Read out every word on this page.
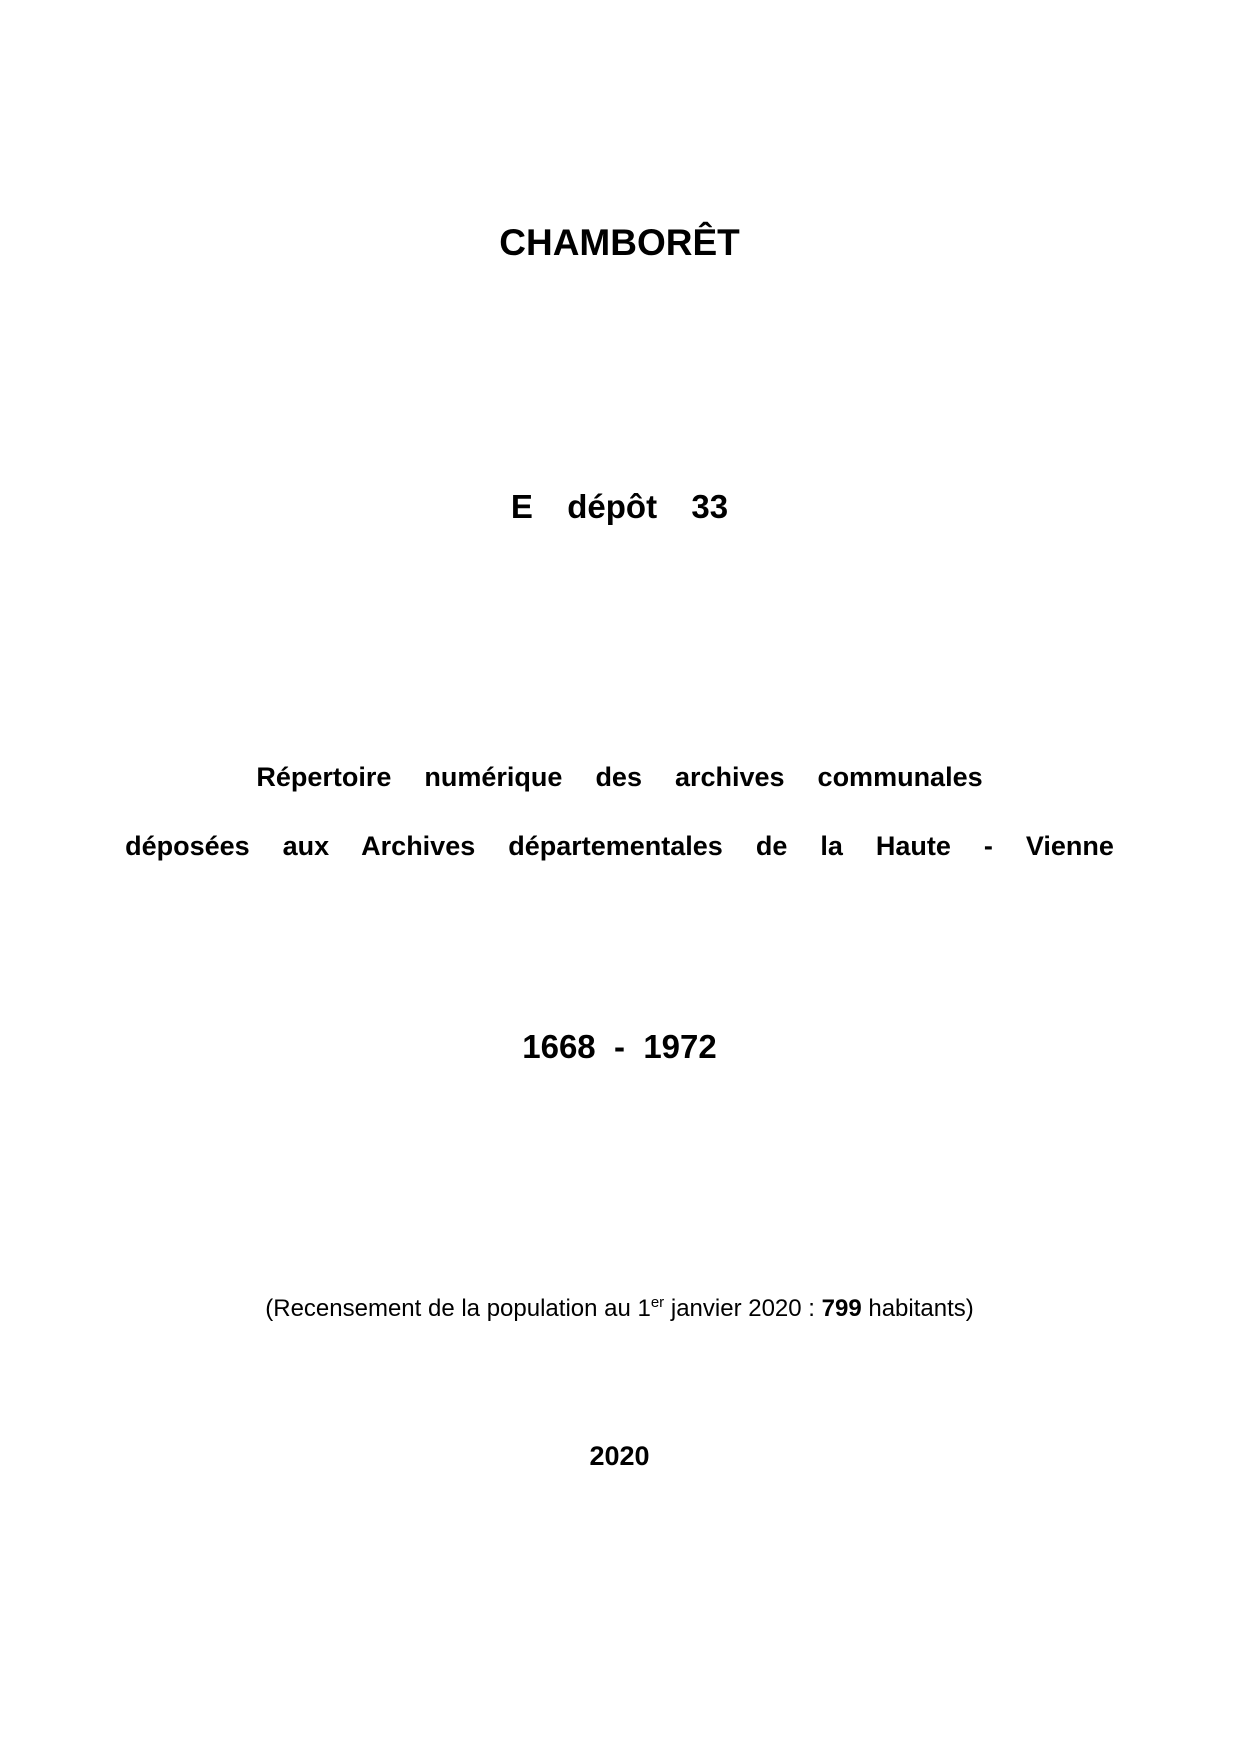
CHAMBORÊT
E  dépôt  33
Répertoire  numérique  des  archives  communales
déposées  aux  Archives  départementales  de  la  Haute  -  Vienne
1668  -  1972
(Recensement de la population au 1er janvier 2020 : 799 habitants)
2020
